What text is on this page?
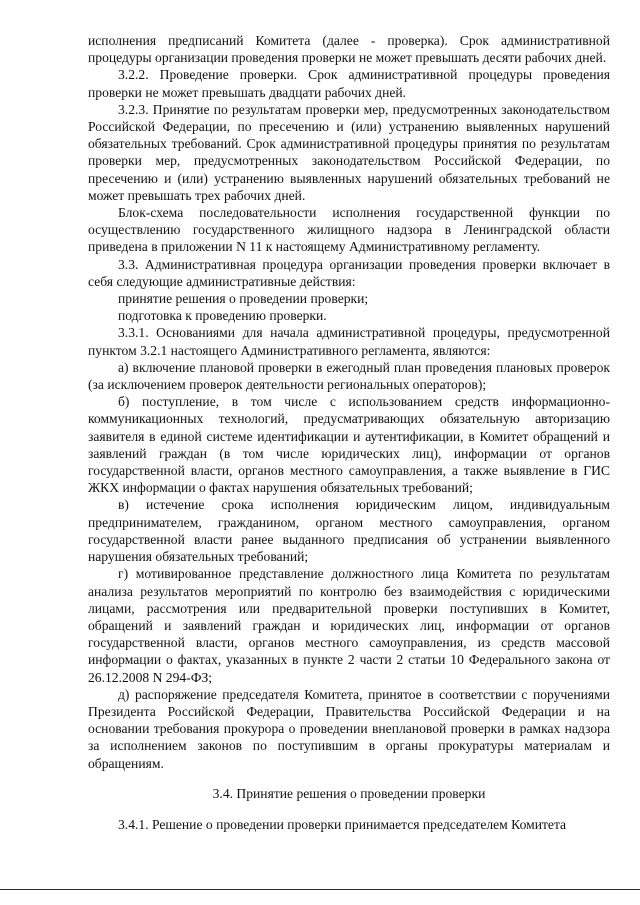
исполнения предписаний Комитета (далее - проверка). Срок административной процедуры организации проведения проверки не может превышать десяти рабочих дней.

3.2.2. Проведение проверки. Срок административной процедуры проведения проверки не может превышать двадцати рабочих дней.

3.2.3. Принятие по результатам проверки мер, предусмотренных законодательством Российской Федерации, по пресечению и (или) устранению выявленных нарушений обязательных требований. Срок административной процедуры принятия по результатам проверки мер, предусмотренных законодательством Российской Федерации, по пресечению и (или) устранению выявленных нарушений обязательных требований не может превышать трех рабочих дней.

Блок-схема последовательности исполнения государственной функции по осуществлению государственного жилищного надзора в Ленинградской области приведена в приложении N 11 к настоящему Административному регламенту.

3.3. Административная процедура организации проведения проверки включает в себя следующие административные действия:

принятие решения о проведении проверки;

подготовка к проведению проверки.

3.3.1. Основаниями для начала административной процедуры, предусмотренной пунктом 3.2.1 настоящего Административного регламента, являются:

а) включение плановой проверки в ежегодный план проведения плановых проверок (за исключением проверок деятельности региональных операторов);

б) поступление, в том числе с использованием средств информационно-коммуникационных технологий, предусматривающих обязательную авторизацию заявителя в единой системе идентификации и аутентификации, в Комитет обращений и заявлений граждан (в том числе юридических лиц), информации от органов государственной власти, органов местного самоуправления, а также выявление в ГИС ЖКХ информации о фактах нарушения обязательных требований;

в) истечение срока исполнения юридическим лицом, индивидуальным предпринимателем, гражданином, органом местного самоуправления, органом государственной власти ранее выданного предписания об устранении выявленного нарушения обязательных требований;

г) мотивированное представление должностного лица Комитета по результатам анализа результатов мероприятий по контролю без взаимодействия с юридическими лицами, рассмотрения или предварительной проверки поступивших в Комитет, обращений и заявлений граждан и юридических лиц, информации от органов государственной власти, органов местного самоуправления, из средств массовой информации о фактах, указанных в пункте 2 части 2 статьи 10 Федерального закона от 26.12.2008 N 294-ФЗ;

д) распоряжение председателя Комитета, принятое в соответствии с поручениями Президента Российской Федерации, Правительства Российской Федерации и на основании требования прокурора о проведении внеплановой проверки в рамках надзора за исполнением законов по поступившим в органы прокуратуры материалам и обращениям.

3.4. Принятие решения о проведении проверки

3.4.1. Решение о проведении проверки принимается председателем Комитета
